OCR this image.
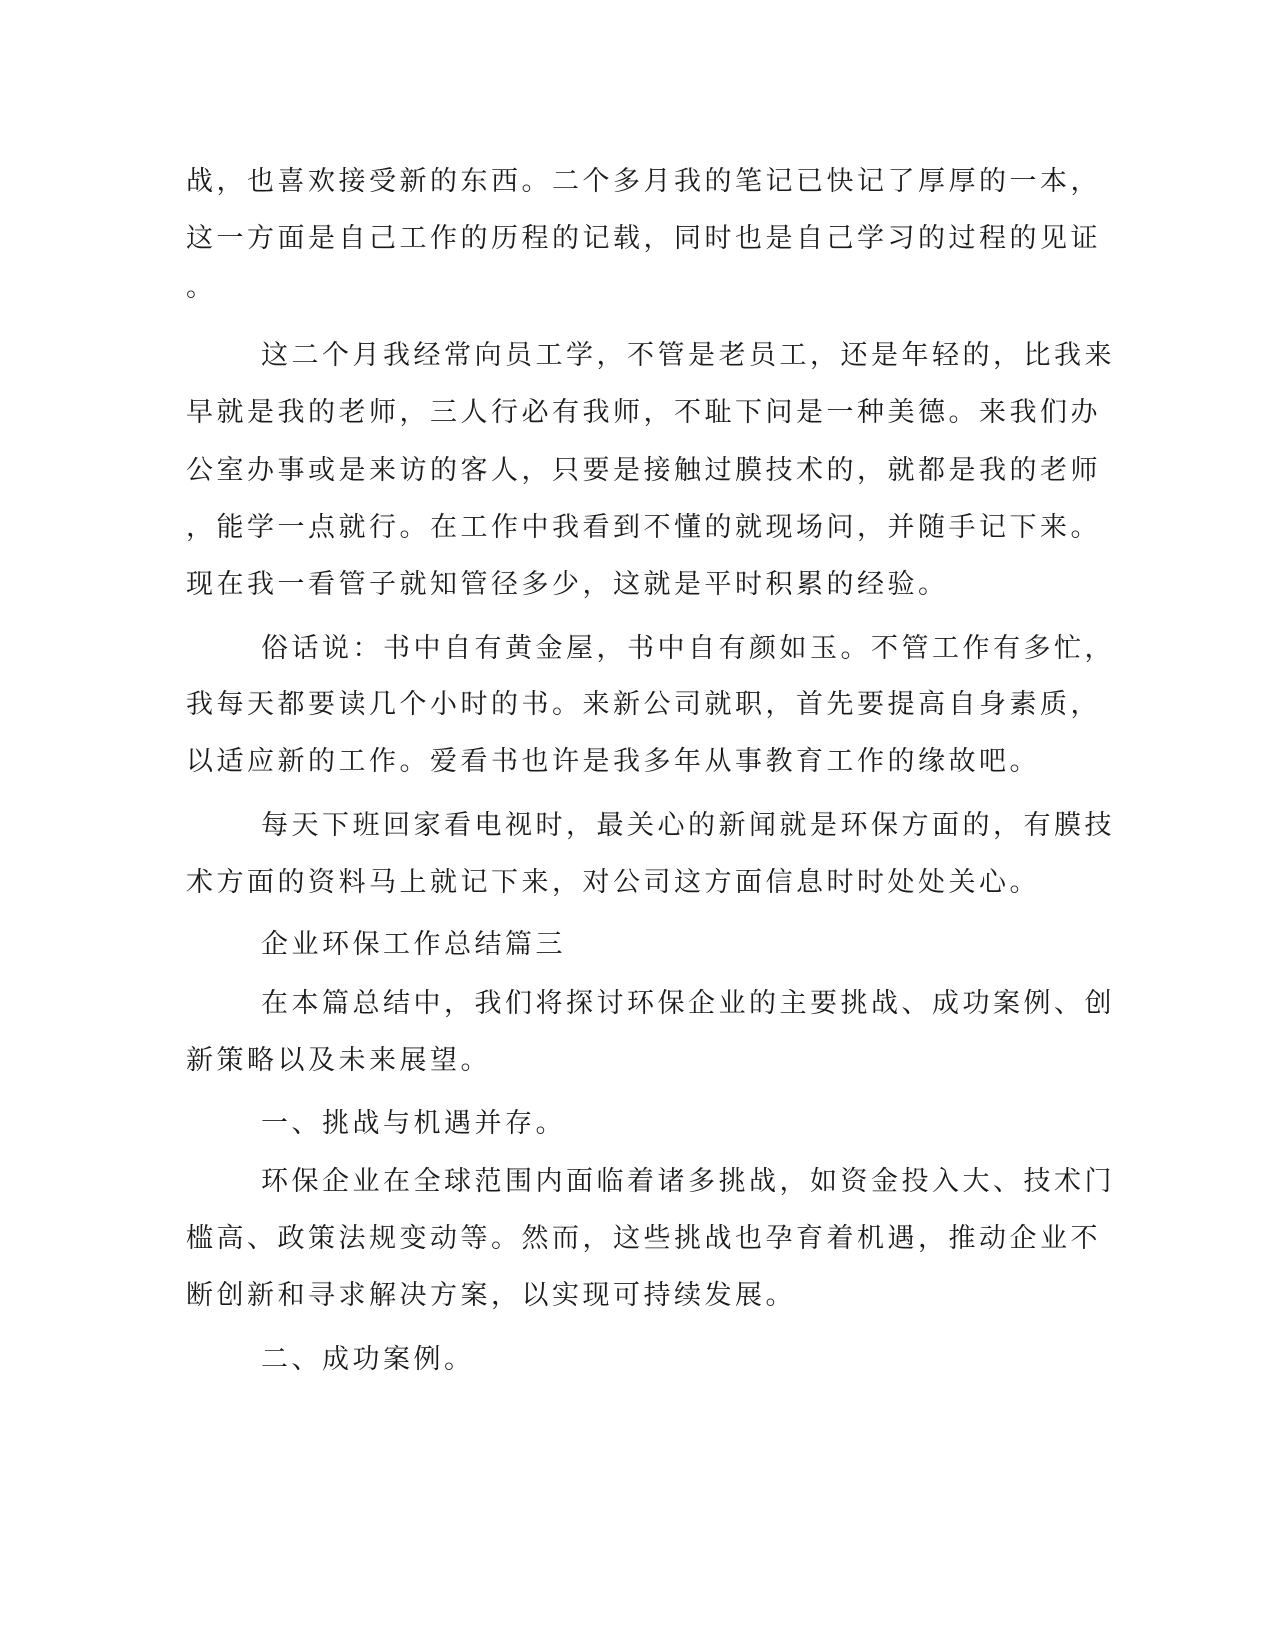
战，也喜欢接受新的东西。二个多月我的笔记已快记了厚厚的一本，
这一方面是自己工作的历程的记载，同时也是自己学习的过程的见证
。
这二个月我经常向员工学，不管是老员工，还是年轻的，比我来
早就是我的老师，三人行必有我师，不耻下问是一种美德。来我们办
公室办事或是来访的客人，只要是接触过膜技术的，就都是我的老师
，能学一点就行。在工作中我看到不懂的就现场问，并随手记下来。
现在我一看管子就知管径多少，这就是平时积累的经验。
俗话说：书中自有黄金屋，书中自有颜如玉。不管工作有多忙，
我每天都要读几个小时的书。来新公司就职，首先要提高自身素质，
以适应新的工作。爱看书也许是我多年从事教育工作的缘故吧。
每天下班回家看电视时，最关心的新闻就是环保方面的，有膜技
术方面的资料马上就记下来，对公司这方面信息时时处处关心。
企业环保工作总结篇三
在本篇总结中，我们将探讨环保企业的主要挑战、成功案例、创
新策略以及未来展望。
一、挑战与机遇并存。
环保企业在全球范围内面临着诸多挑战，如资金投入大、技术门
槛高、政策法规变动等。然而，这些挑战也孕育着机遇，推动企业不
断创新和寻求解决方案，以实现可持续发展。
二、成功案例。
